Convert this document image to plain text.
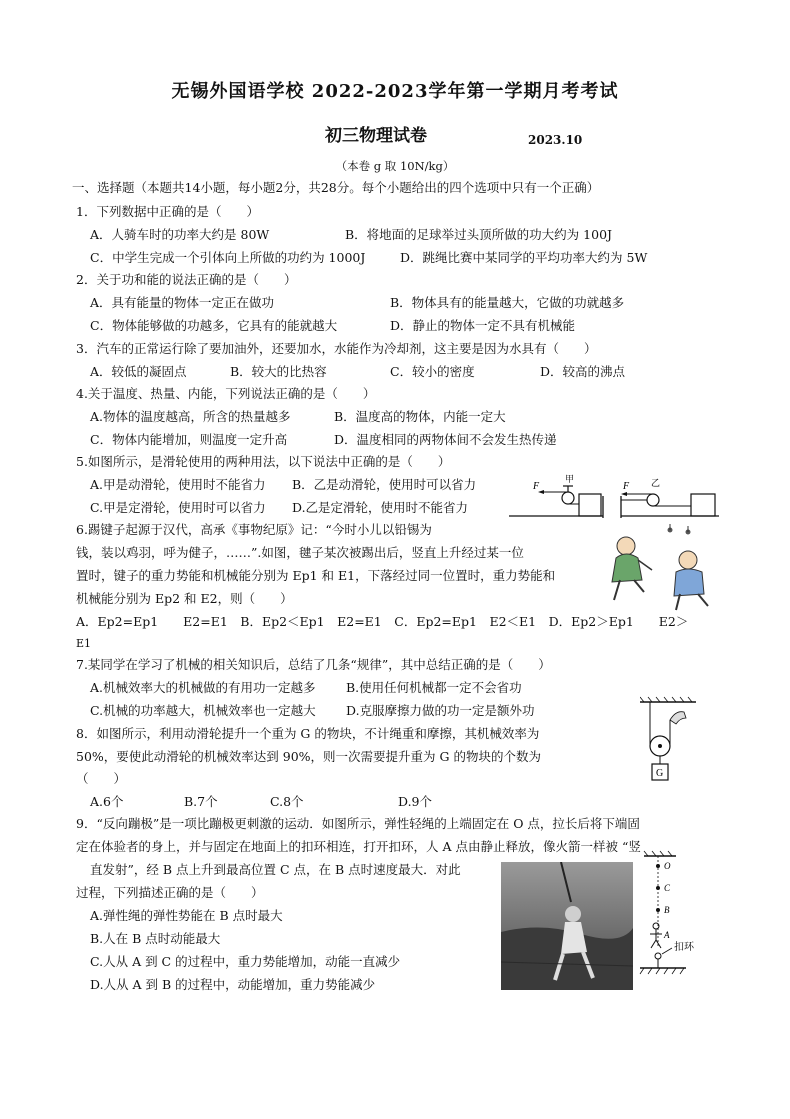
无锡外国语学校 2022-2023学年第一学期月考考试
初三物理试卷	2023.10
（本卷 g 取 10N/kg）
一、选择题（本题共14小题，每小题2分，共28分。每个小题给出的四个选项中只有一个正确）
1．下列数据中正确的是（　　）
A．人骑车时的功率大约是 80W	B．将地面的足球举过头顶所做的功大约为 100J
C．中学生完成一个引体向上所做的功约为 1000J	D．跳绳比赛中某同学的平均功率大约为 5W
2．关于功和能的说法正确的是（　　）
A．具有能量的物体一定正在做功	B．物体具有的能量越大，它做的功就越多
C．物体能够做的功越多，它具有的能就越大	D．静止的物体一定不具有机械能
3．汽车的正常运行除了要加油外，还要加水，水能作为冷却剂，这主要是因为水具有（　　）
A．较低的凝固点	B．较大的比热容	C．较小的密度	D．较高的沸点
4.关于温度、热量、内能，下列说法正确的是（　　）
A.物体的温度越高，所含的热量越多	B．温度高的物体，内能一定大
C．物体内能增加，则温度一定升高	D．温度相同的两物体间不会发生热传递
5.如图所示，是滑轮使用的两种用法，以下说法中正确的是（　　）
A.甲是动滑轮，使用时不能省力 B．乙是动滑轮，使用时可以省力
C.甲是定滑轮，使用时可以省力 D.乙是定滑轮，使用时不能省力
F
甲
F 乙
6.踢键子起源于汉代，高承《事物纪原》记：“今时小儿以铅锡为
钱，装以鸡羽，呼为健子，……”.如图，毽子某次被踢出后，竖直上升经过某一位
置时，键子的重力势能和机械能分别为 Ep1 和 E1，下落经过同一位置时，重力势能和
机械能分别为 Ep2 和 E2，则（　　）
A．Ep2=Ep1　　E2=E1　B．Ep2＜Ep1　E2=E1　C．Ep2=Ep1　E2＜E1　D．Ep2＞Ep1　　E2＞
E1
7.某同学在学习了机械的相关知识后，总结了几条“规律”，其中总结正确的是（　　）
A.机械效率大的机械做的有用功一定越多 B.使用任何机械都一定不会省功
C.机械的功率越大，机械效率也一定越大 D.克服摩擦力做的功一定是额外功
8．如图所示，利用动滑轮提升一个重为 G 的物块，不计绳重和摩擦，其机械效率为
50%，要使此动滑轮的机械效率达到 90%，则一次需要提升重为 G 的物块的个数为
（　　）
A.6个	B.7个	C.8个	D.9个
G
9．“反向蹦极”是一项比蹦极更刺激的运动．如图所示，弹性轻绳的上端固定在 O 点，拉长后将下端固
定在体验者的身上，并与固定在地面上的扣环相连，打开扣环，人 A 点由静止释放，像火箭一样被 “竖
直发射”，经 B 点上升到最高位置 C 点，在 B 点时速度最大．对此
过程，下列描述正确的是（　　）
A.弹性绳的弹性势能在 B 点时最大
B.人在 B 点时动能最大
C.人从 A 到 C 的过程中，重力势能增加，动能一直减少
D.人从 A 到 B 的过程中，动能增加，重力势能减少
O
C
B
A
扣环
